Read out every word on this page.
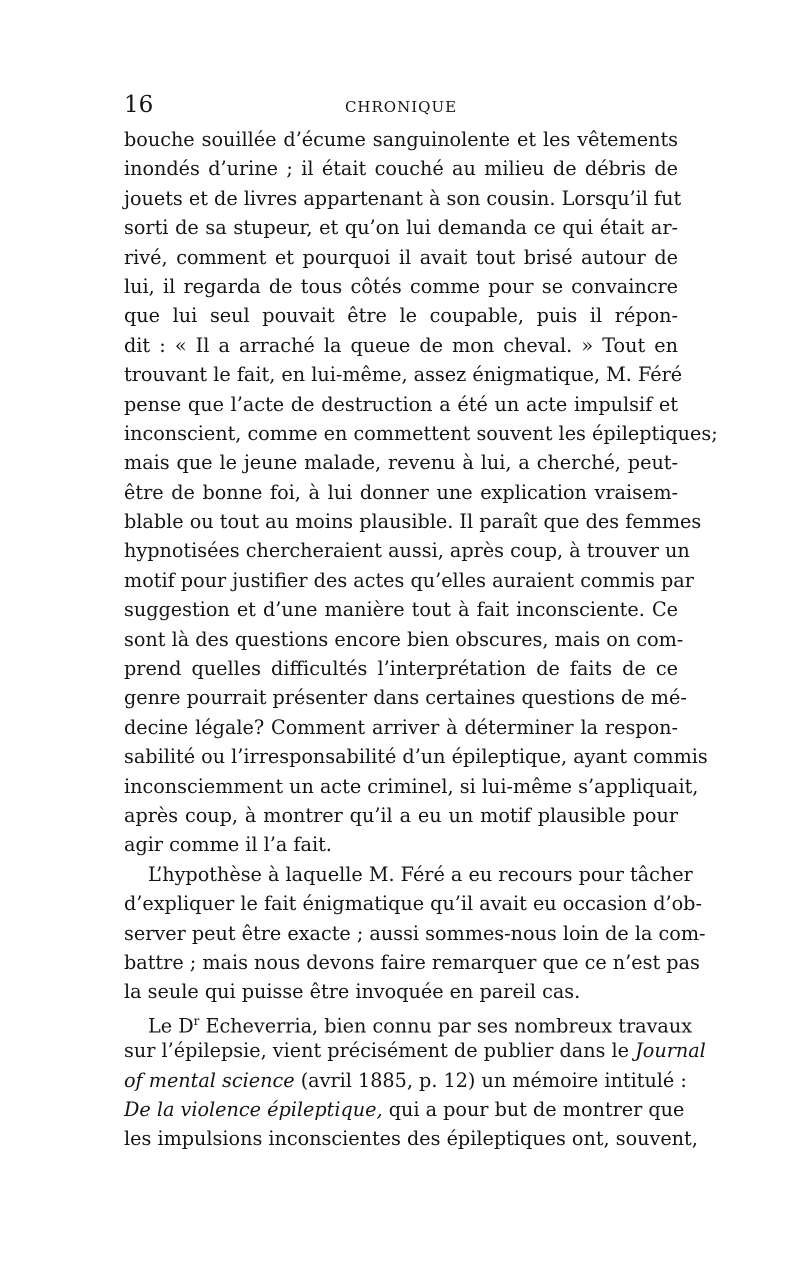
16	CHRONIQUE
bouche souillée d’écume sanguinolente et les vêtements
inondés d’urine ; il était couché au milieu de débris de
jouets et de livres appartenant à son cousin. Lorsqu’il fut
sorti de sa stupeur, et qu’on lui demanda ce qui était ar-
rivé, comment et pourquoi il avait tout brisé autour de
lui, il regarda de tous côtés comme pour se convaincre
que lui seul pouvait être le coupable, puis il répon-
dit : « Il a arraché la queue de mon cheval. » Tout en
trouvant le fait, en lui-même, assez énigmatique, M. Féré
pense que l’acte de destruction a été un acte impulsif et
inconscient, comme en commettent souvent les épileptiques;
mais que le jeune malade, revenu à lui, a cherché, peut-
être de bonne foi, à lui donner une explication vraisem-
blable ou tout au moins plausible. Il paraît que des femmes
hypnotisées chercheraient aussi, après coup, à trouver un
motif pour justifier des actes qu’elles auraient commis par
suggestion et d’une manière tout à fait inconsciente. Ce
sont là des questions encore bien obscures, mais on com-
prend quelles difficultés l’interprétation de faits de ce
genre pourrait présenter dans certaines questions de mé-
decine légale? Comment arriver à déterminer la respon-
sabilité ou l’irresponsabilité d’un épileptique, ayant commis
inconsciemment un acte criminel, si lui-même s’appliquait,
après coup, à montrer qu’il a eu un motif plausible pour
agir comme il l’a fait.
L’hypothèse à laquelle M. Féré a eu recours pour tâcher
d’expliquer le fait énigmatique qu’il avait eu occasion d’ob-
server peut être exacte ; aussi sommes-nous loin de la com-
battre ; mais nous devons faire remarquer que ce n’est pas
la seule qui puisse être invoquée en pareil cas.
Le $D^r$ Echeverria, bien connu par ses nombreux travaux
sur l’épilepsie, vient précisément de publier dans le Journal
of mental science (avril 1885, p. 12) un mémoire intitulé :
De la violence épileptique, qui a pour but de montrer que
les impulsions inconscientes des épileptiques ont, souvent,
